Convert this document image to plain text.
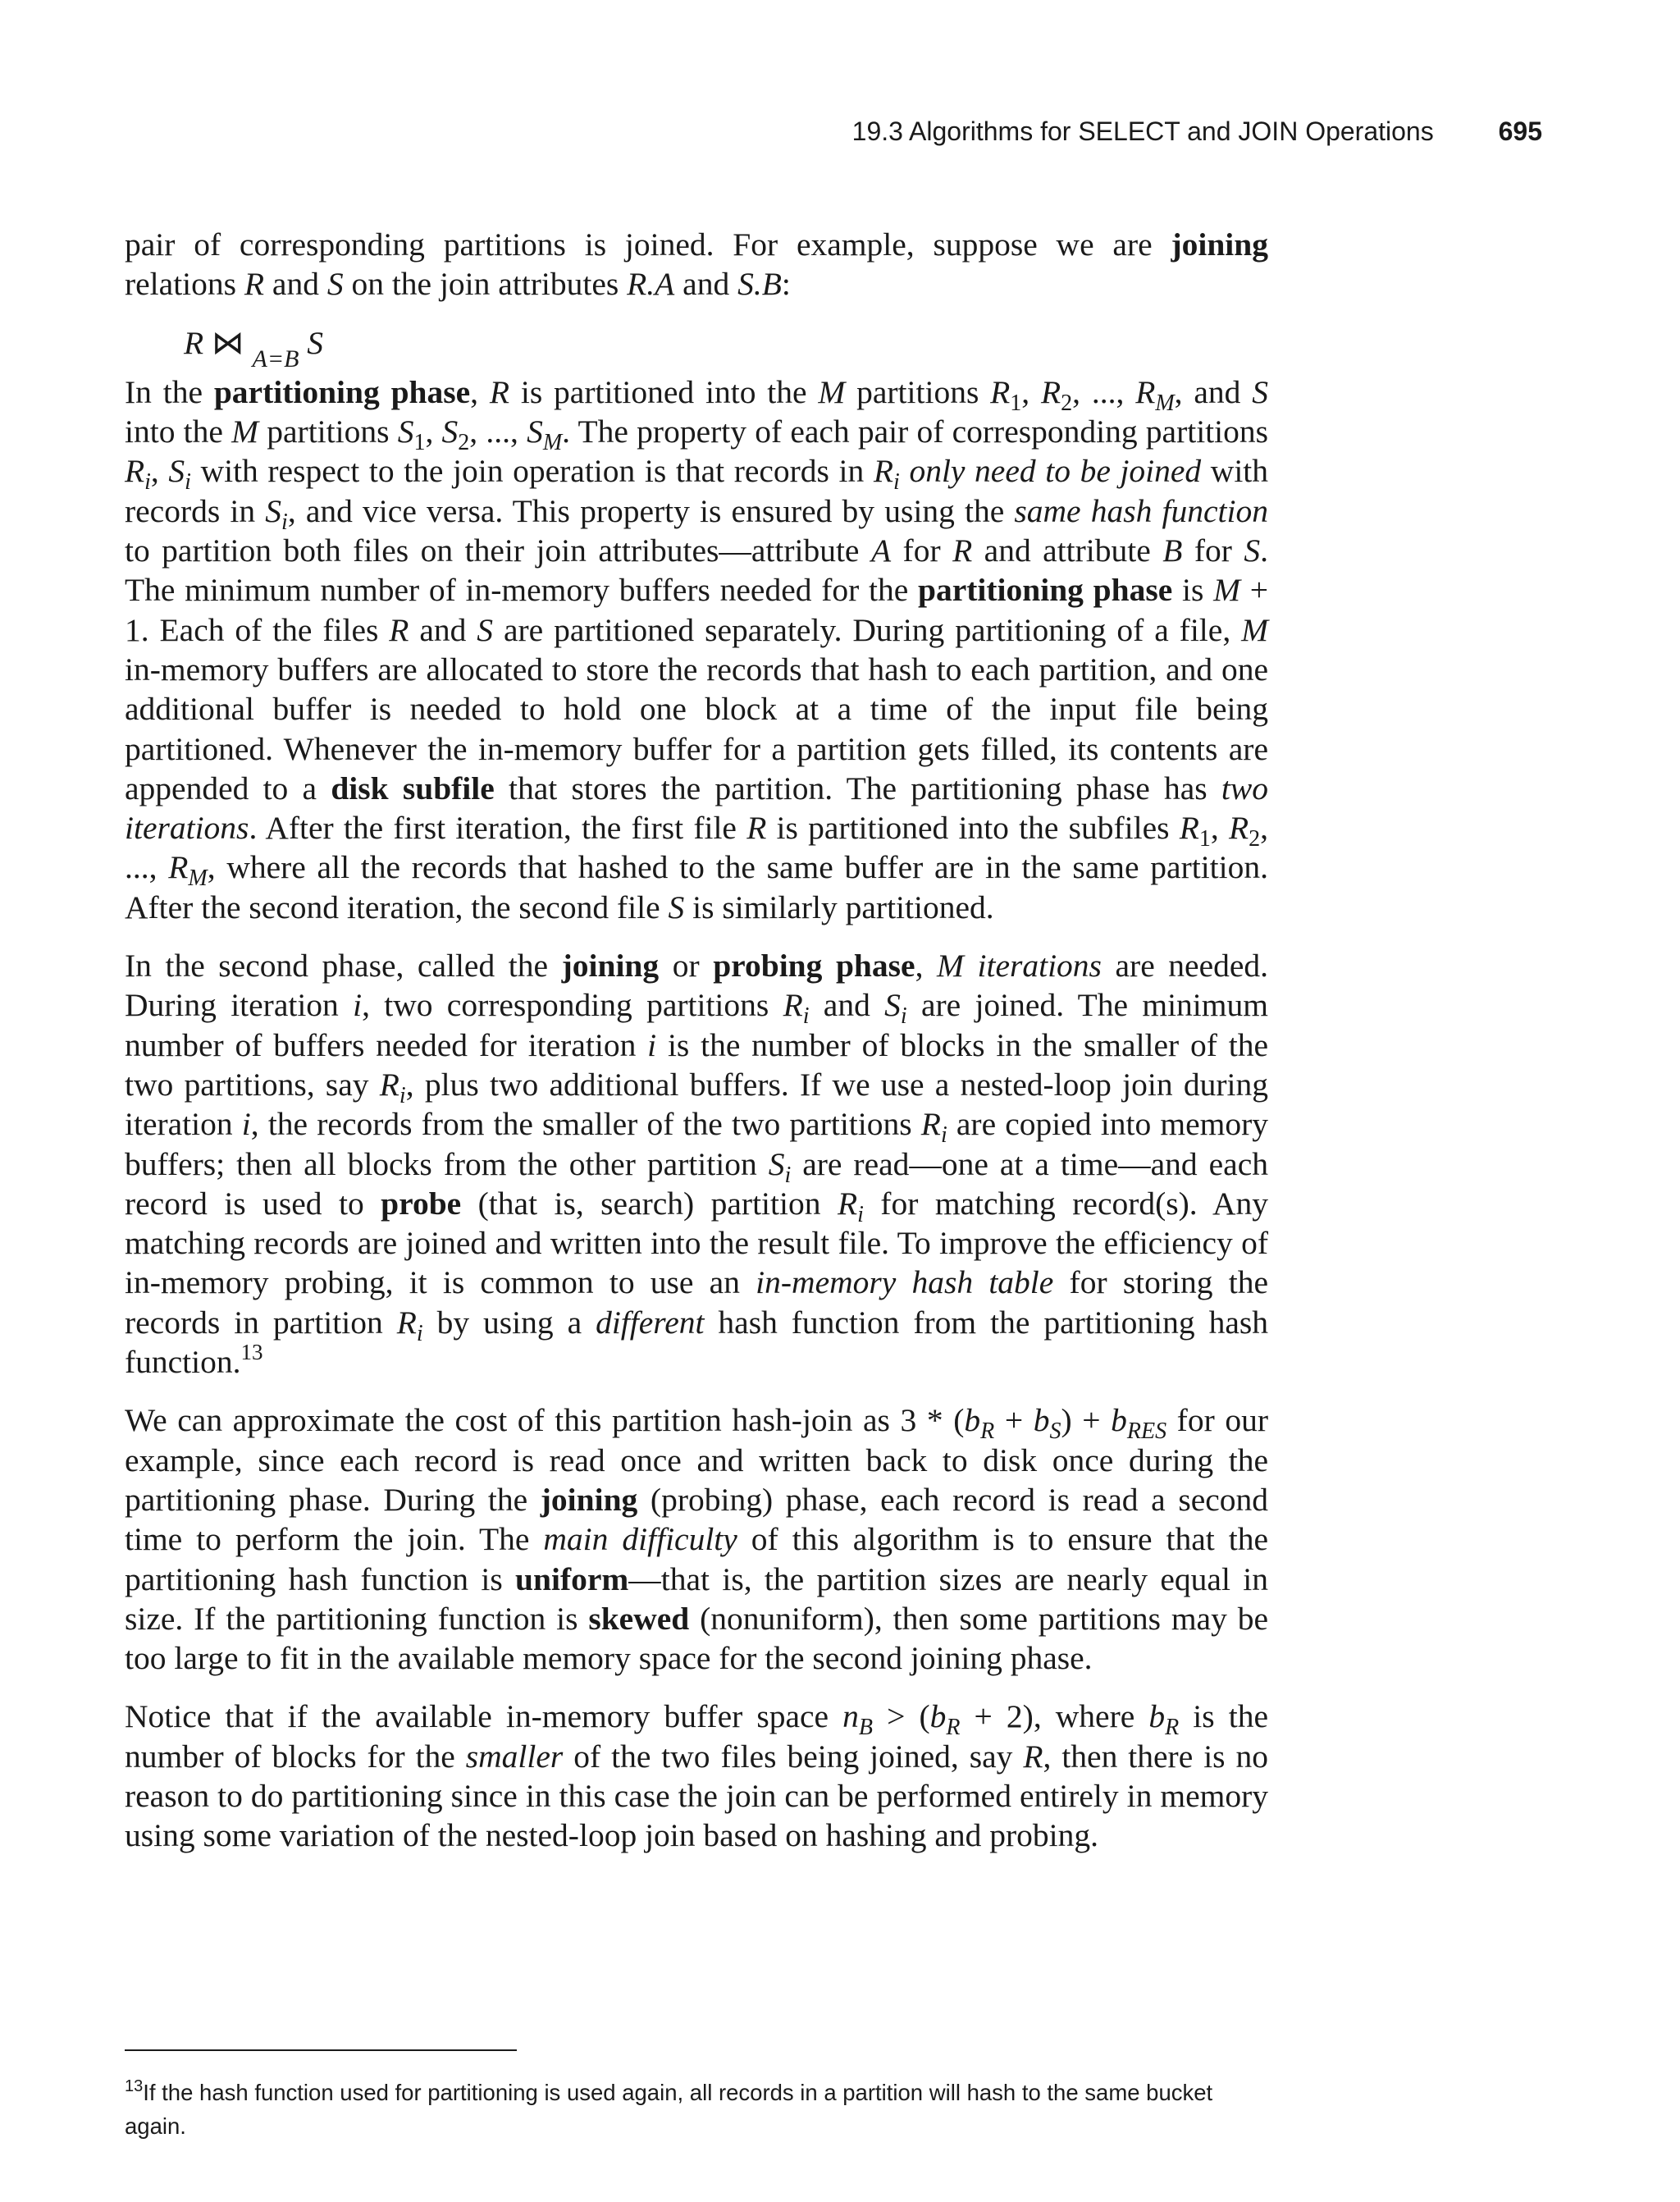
19.3 Algorithms for SELECT and JOIN Operations 695

pair of corresponding partitions is joined. For example, suppose we are joining relations R and S on the join attributes R.A and S.B:

R ⋈ $_{A=B}$ S

In the partitioning phase, R is partitioned into the M partitions $R_1$, $R_2$, ..., $R_M$, and S into the M partitions $S_1$, $S_2$, ..., $S_M$. The property of each pair of corresponding partitions $R_i$, $S_i$ with respect to the join operation is that records in $R_i$ only need to be joined with records in $S_i$, and vice versa. This property is ensured by using the same hash function to partition both files on their join attributes—attribute A for R and attribute B for S. The minimum number of in-memory buffers needed for the partitioning phase is M + 1. Each of the files R and S are partitioned separately. During partitioning of a file, M in-memory buffers are allocated to store the records that hash to each partition, and one additional buffer is needed to hold one block at a time of the input file being partitioned. Whenever the in-memory buffer for a partition gets filled, its contents are appended to a disk subfile that stores the partition. The partitioning phase has two iterations. After the first iteration, the first file R is partitioned into the subfiles $R_1$, $R_2$, ..., $R_M$, where all the records that hashed to the same buffer are in the same partition. After the second iteration, the second file S is similarly partitioned.

In the second phase, called the joining or probing phase, M iterations are needed. During iteration i, two corresponding partitions $R_i$ and $S_i$ are joined. The minimum number of buffers needed for iteration i is the number of blocks in the smaller of the two partitions, say $R_i$, plus two additional buffers. If we use a nested-loop join during iteration i, the records from the smaller of the two partitions $R_i$ are copied into memory buffers; then all blocks from the other partition $S_i$ are read—one at a time—and each record is used to probe (that is, search) partition $R_i$ for matching record(s). Any matching records are joined and written into the result file. To improve the efficiency of in-memory probing, it is common to use an in-memory hash table for storing the records in partition $R_i$ by using a different hash function from the partitioning hash function.$^{13}$

We can approximate the cost of this partition hash-join as $3 * (b_R + b_S) + b_{RES}$ for our example, since each record is read once and written back to disk once during the partitioning phase. During the joining (probing) phase, each record is read a second time to perform the join. The main difficulty of this algorithm is to ensure that the partitioning hash function is uniform—that is, the partition sizes are nearly equal in size. If the partitioning function is skewed (nonuniform), then some partitions may be too large to fit in the available memory space for the second joining phase.

Notice that if the available in-memory buffer space $n_B > (b_R + 2)$, where $b_R$ is the number of blocks for the smaller of the two files being joined, say R, then there is no reason to do partitioning since in this case the join can be performed entirely in memory using some variation of the nested-loop join based on hashing and probing.

$^{13}$If the hash function used for partitioning is used again, all records in a partition will hash to the same bucket again.
